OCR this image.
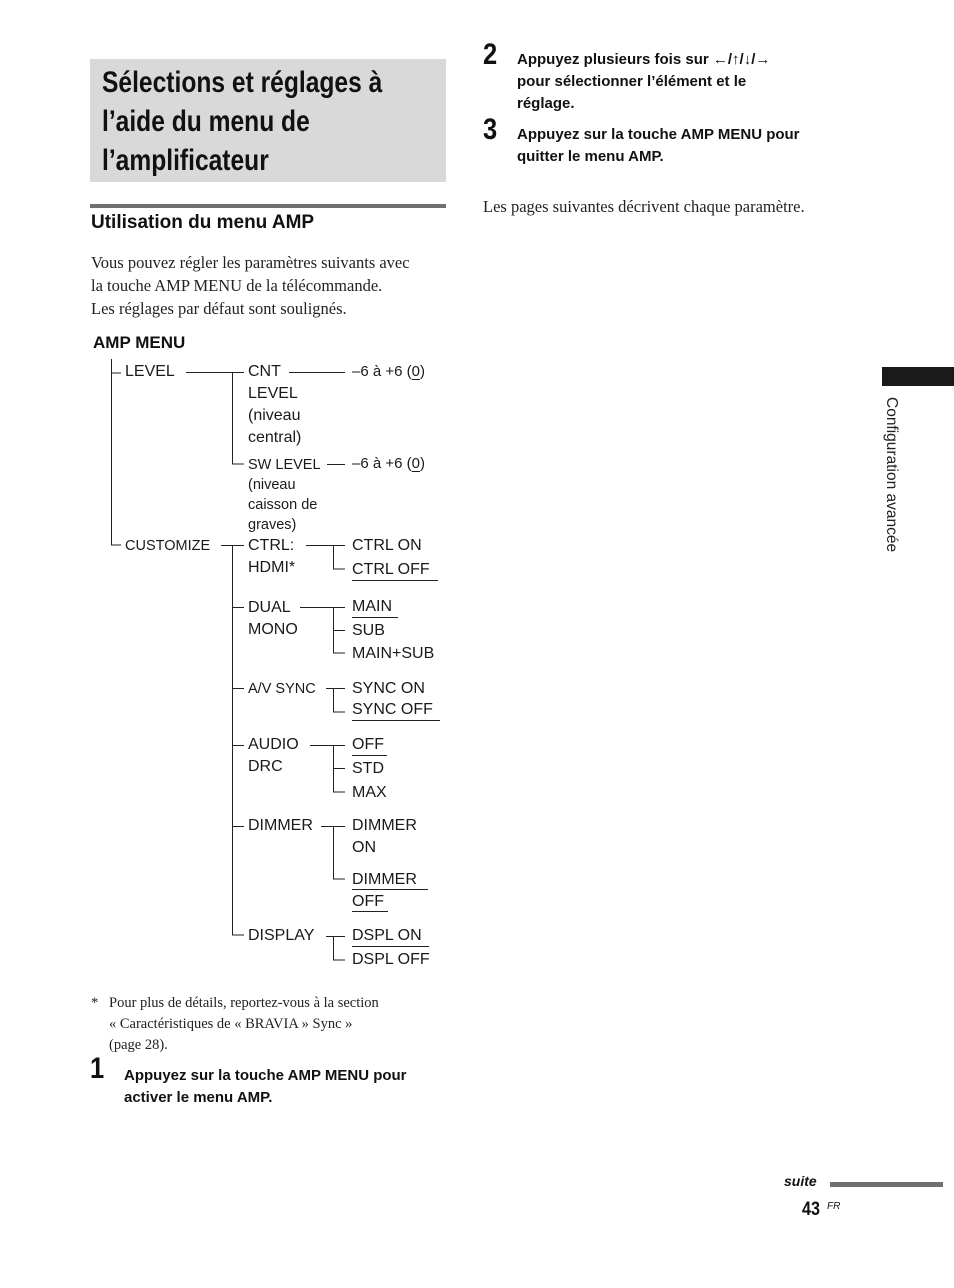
Sélections et réglages à
l’aide du menu de
l’amplificateur
Utilisation du menu AMP
Vous pouvez régler les paramètres suivants avec
la touche AMP MENU de la télécommande.
Les réglages par défaut sont soulignés.
AMP MENU
LEVEL
CUSTOMIZE
CNT
LEVEL
(niveau
central)
–6 à +6 (0)
SW LEVEL
(niveau
caisson de
graves)
–6 à +6 (0)
CTRL:
HDMI*
CTRL ON
CTRL OFF
DUAL
MONO
MAIN
SUB
MAIN+SUB
A/V SYNC SYNC ON
SYNC OFF
AUDIO
DRC
OFF
STD
MAX
DIMMER DIMMER
ON
DIMMER
OFF
DISPLAY DSPL ON
DSPL OFF
* Pour plus de détails, reportez-vous à la section
« Caractéristiques de « BRAVIA » Sync »
(page 28).
1 Appuyez sur la touche AMP MENU pour
activer le menu AMP.
2 Appuyez plusieurs fois sur ←/↑/↓/→
pour sélectionner l’élément et le
réglage.
3 Appuyez sur la touche AMP MENU pour
quitter le menu AMP.
Les pages suivantes décrivent chaque paramètre.
Configuration avancée
suite
43 FR
